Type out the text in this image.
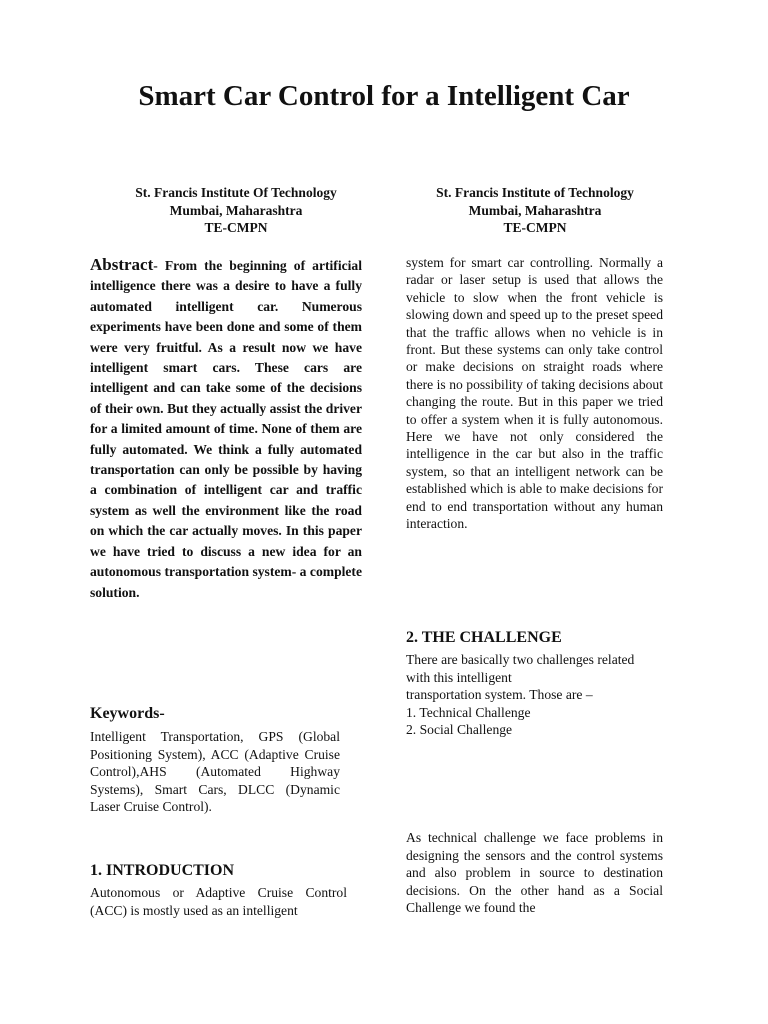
Smart Car Control for a Intelligent Car
St. Francis Institute Of Technology
Mumbai, Maharashtra
TE-CMPN
St. Francis Institute of Technology
Mumbai, Maharashtra
TE-CMPN
Abstract- From the beginning of artificial intelligence there was a desire to have a fully automated intelligent car. Numerous experiments have been done and some of them were very fruitful. As a result now we have intelligent smart cars. These cars are intelligent and can take some of the decisions of their own. But they actually assist the driver for a limited amount of time. None of them are fully automated. We think a fully automated transportation can only be possible by having a combination of intelligent car and traffic system as well the environment like the road on which the car actually moves. In this paper we have tried to discuss a new idea for an autonomous transportation system- a complete solution.
Keywords-
Intelligent Transportation, GPS (Global Positioning System), ACC (Adaptive Cruise Control),AHS (Automated Highway Systems), Smart Cars, DLCC (Dynamic Laser Cruise Control).
1. INTRODUCTION
Autonomous or Adaptive Cruise Control (ACC) is mostly used as an intelligent
system for smart car controlling. Normally a radar or laser setup is used that allows the vehicle to slow when the front vehicle is slowing down and speed up to the preset speed that the traffic allows when no vehicle is in front. But these systems can only take control or make decisions on straight roads where there is no possibility of taking decisions about changing the route. But in this paper we tried to offer a system when it is fully autonomous. Here we have not only considered the intelligence in the car but also in the traffic system, so that an intelligent network can be established which is able to make decisions for end to end transportation without any human interaction.
2. THE CHALLENGE
There are basically two challenges related
with this intelligent
transportation system. Those are –
1. Technical Challenge
2. Social Challenge
As technical challenge we face problems in designing the sensors and the control systems and also problem in source to destination decisions. On the other hand as a Social Challenge we found the
